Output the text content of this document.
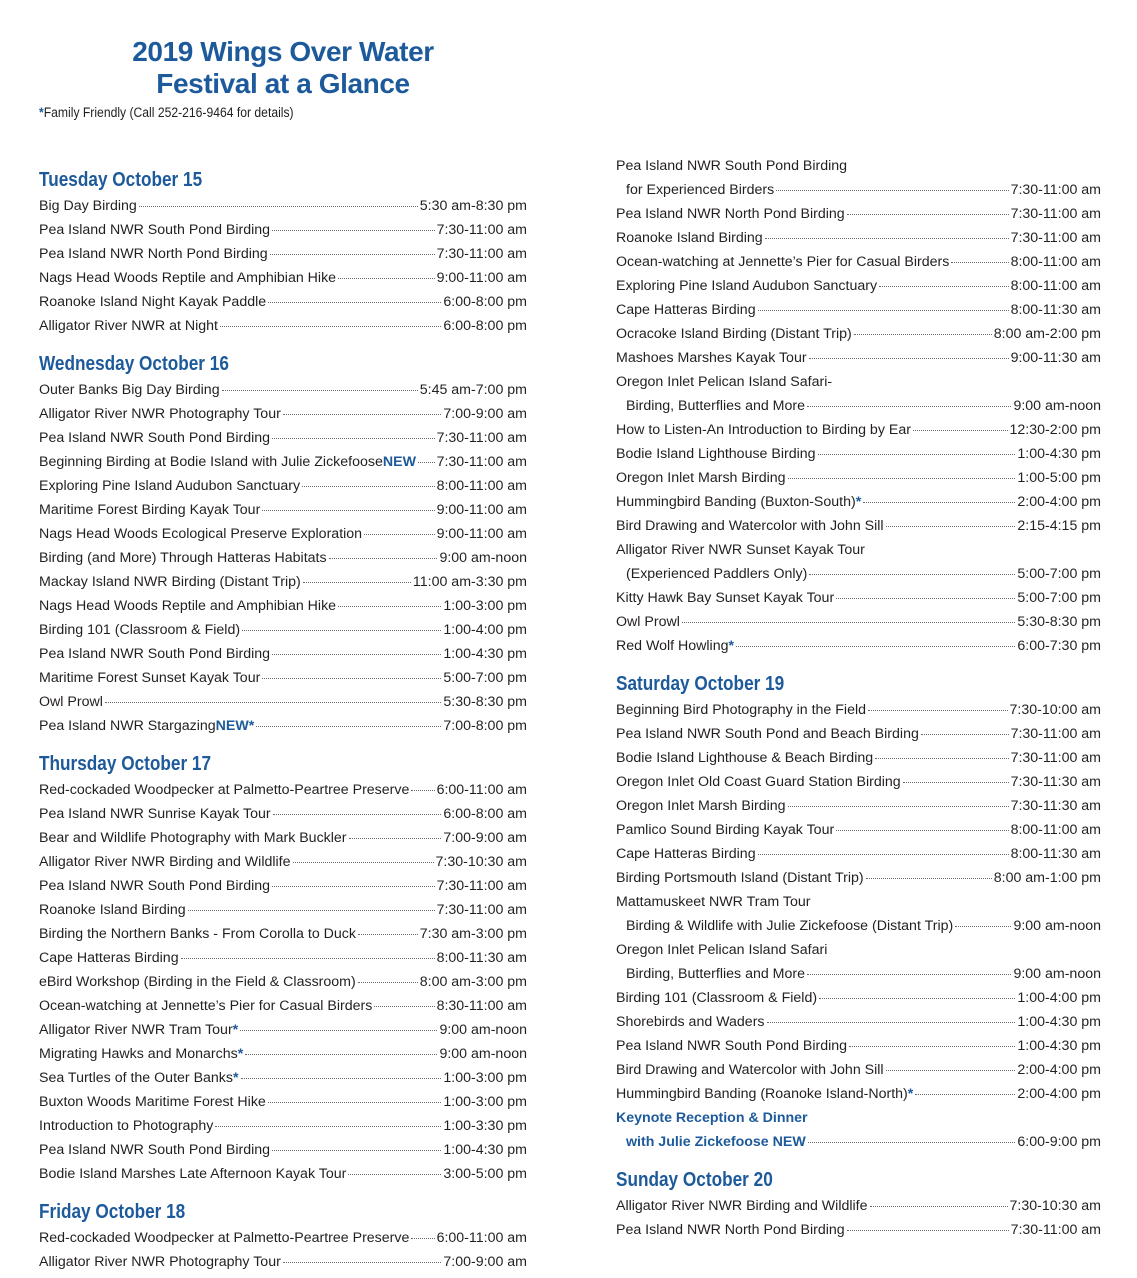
2019 Wings Over Water
Festival at a Glance
*Family Friendly (Call 252-216-9464 for details)
Tuesday October 15
Big Day Birding	5:30 am-8:30 pm
Pea Island NWR South Pond Birding	7:30-11:00 am
Pea Island NWR North Pond Birding	7:30-11:00 am
Nags Head Woods Reptile and Amphibian Hike	9:00-11:00 am
Roanoke Island Night Kayak Paddle	6:00-8:00 pm
Alligator River NWR at Night	6:00-8:00 pm
Wednesday October 16
Outer Banks Big Day Birding	5:45 am-7:00 pm
Alligator River NWR Photography Tour	7:00-9:00 am
Pea Island NWR South Pond Birding	7:30-11:00 am
Beginning Birding at Bodie Island with Julie Zickefoose NEW 7:30-11:00 am
Exploring Pine Island Audubon Sanctuary	8:00-11:00 am
Maritime Forest Birding Kayak Tour	9:00-11:00 am
Nags Head Woods Ecological Preserve Exploration	9:00-11:00 am
Birding (and More) Through Hatteras Habitats	9:00 am-noon
Mackay Island NWR Birding (Distant Trip)	11:00 am-3:30 pm
Nags Head Woods Reptile and Amphibian Hike	1:00-3:00 pm
Birding 101 (Classroom & Field)	1:00-4:00 pm
Pea Island NWR South Pond Birding	1:00-4:30 pm
Maritime Forest Sunset Kayak Tour	5:00-7:00 pm
Owl Prowl	5:30-8:30 pm
Pea Island NWR Stargazing NEW *	7:00-8:00 pm
Thursday October 17
Red-cockaded Woodpecker at Palmetto-Peartree Preserve 6:00-11:00 am
Pea Island NWR Sunrise Kayak Tour	6:00-8:00 am
Bear and Wildlife Photography with Mark Buckler	7:00-9:00 am
Alligator River NWR Birding and Wildlife	7:30-10:30 am
Pea Island NWR South Pond Birding	7:30-11:00 am
Roanoke Island Birding	7:30-11:00 am
Birding the Northern Banks - From Corolla to Duck	7:30 am-3:00 pm
Cape Hatteras Birding	8:00-11:30 am
eBird Workshop (Birding in the Field & Classroom)	8:00 am-3:00 pm
Ocean-watching at Jennette’s Pier for Casual Birders	8:30-11:00 am
Alligator River NWR Tram Tour *	9:00 am-noon
Migrating Hawks and Monarchs *	9:00 am-noon
Sea Turtles of the Outer Banks *	1:00-3:00 pm
Buxton Woods Maritime Forest Hike	1:00-3:00 pm
Introduction to Photography	1:00-3:30 pm
Pea Island NWR South Pond Birding	1:00-4:30 pm
Bodie Island Marshes Late Afternoon Kayak Tour	3:00-5:00 pm
Friday October 18
Red-cockaded Woodpecker at Palmetto-Peartree Preserve 6:00-11:00 am
Alligator River NWR Photography Tour	7:00-9:00 am
Pea Island NWR South Pond Birding
for Experienced Birders	7:30-11:00 am
Pea Island NWR North Pond Birding	7:30-11:00 am
Roanoke Island Birding	7:30-11:00 am
Ocean-watching at Jennette’s Pier for Casual Birders	8:00-11:00 am
Exploring Pine Island Audubon Sanctuary	8:00-11:00 am
Cape Hatteras Birding	8:00-11:30 am
Ocracoke Island Birding (Distant Trip)	8:00 am-2:00 pm
Mashoes Marshes Kayak Tour	9:00-11:30 am
Oregon Inlet Pelican Island Safari-
Birding, Butterflies and More	9:00 am-noon
How to Listen-An Introduction to Birding by Ear	12:30-2:00 pm
Bodie Island Lighthouse Birding	1:00-4:30 pm
Oregon Inlet Marsh Birding	1:00-5:00 pm
Hummingbird Banding (Buxton-South) *	2:00-4:00 pm
Bird Drawing and Watercolor with John Sill	2:15-4:15 pm
Alligator River NWR Sunset Kayak Tour
(Experienced Paddlers Only)	5:00-7:00 pm
Kitty Hawk Bay Sunset Kayak Tour	5:00-7:00 pm
Owl Prowl	5:30-8:30 pm
Red Wolf Howling *	6:00-7:30 pm
Saturday October 19
Beginning Bird Photography in the Field	7:30-10:00 am
Pea Island NWR South Pond and Beach Birding	7:30-11:00 am
Bodie Island Lighthouse & Beach Birding	7:30-11:00 am
Oregon Inlet Old Coast Guard Station Birding	7:30-11:30 am
Oregon Inlet Marsh Birding	7:30-11:30 am
Pamlico Sound Birding Kayak Tour	8:00-11:00 am
Cape Hatteras Birding	8:00-11:30 am
Birding Portsmouth Island (Distant Trip)	8:00 am-1:00 pm
Mattamuskeet NWR Tram Tour
Birding & Wildlife with Julie Zickefoose (Distant Trip)	9:00 am-noon
Oregon Inlet Pelican Island Safari
Birding, Butterflies and More	9:00 am-noon
Birding 101 (Classroom & Field)	1:00-4:00 pm
Shorebirds and Waders	1:00-4:30 pm
Pea Island NWR South Pond Birding	1:00-4:30 pm
Bird Drawing and Watercolor with John Sill	2:00-4:00 pm
Hummingbird Banding (Roanoke Island-North) *	2:00-4:00 pm
Keynote Reception & Dinner
with Julie Zickefoose NEW	6:00-9:00 pm
Sunday October 20
Alligator River NWR Birding and Wildlife	7:30-10:30 am
Pea Island NWR North Pond Birding	7:30-11:00 am
